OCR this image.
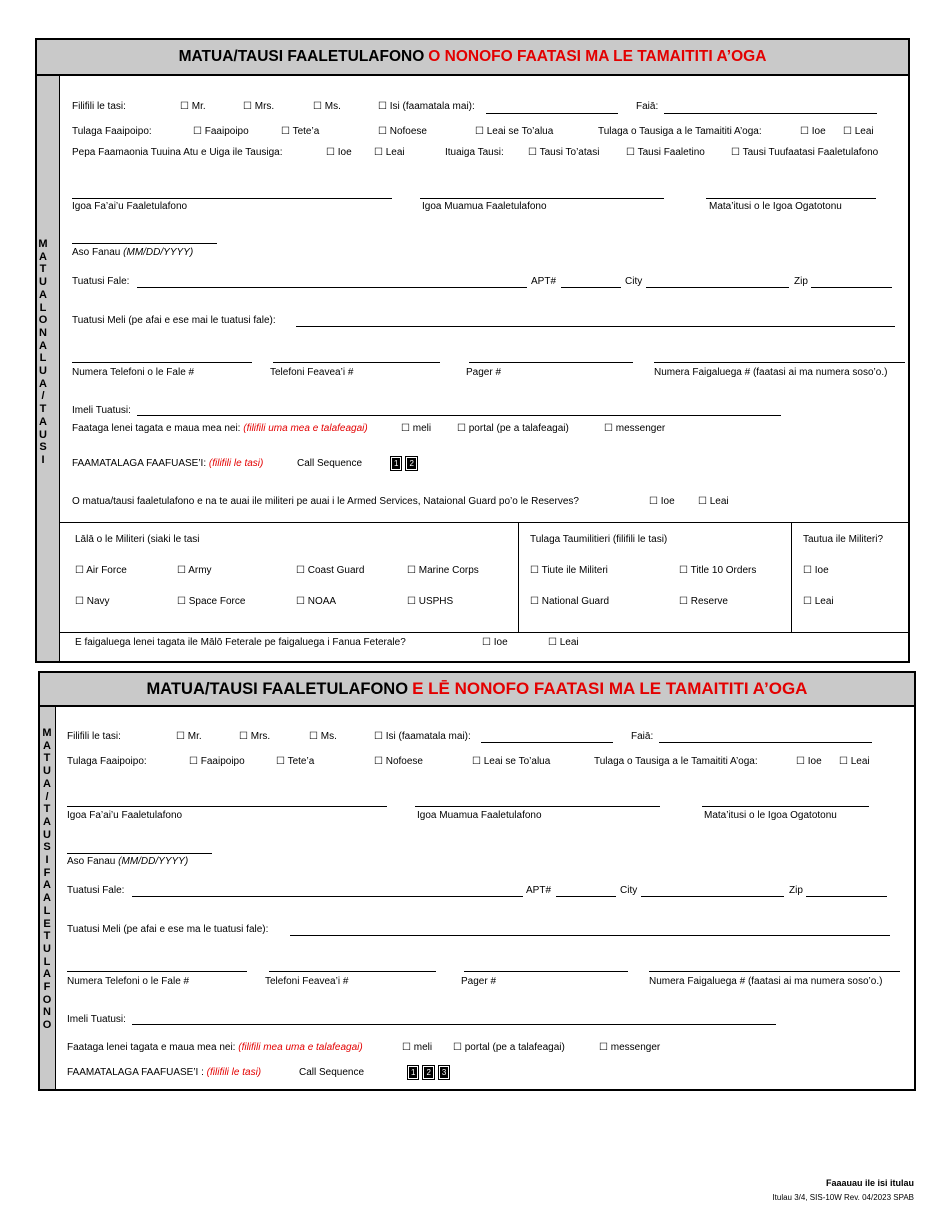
MATUA/TAUSI FAALETULAFONO O NONOFO FAATASI MA LE TAMAITITI A’OGA
M
A
T
U
A
L
O
N
A
L
U
A
/
T
A
U
S
I
Filifili le tasi:	☐ Mr.	☐ Mrs.	☐ Ms.	☐ Isi (faamatala mai):	Faiā:
Tulaga Faaipoipo:	☐ Faaipoipo	☐ Tete’a	☐ Nofoese	☐ Leai se To’alua	Tulaga o Tausiga a le Tamaititi A’oga:	☐ Ioe ☐ Leai
Pepa Faamaonia Tuuina Atu e Uiga ile Tausiga:	☐ Ioe ☐ Leai	Ituaiga Tausi: ☐ Tausi To’atasi	☐ Tausi Faaletino	☐ Tausi Tuufaatasi Faaletulafono
Igoa Fa’ai’u Faaletulafono	Igoa Muamua Faaletulafono	Mata’itusi o le Igoa Ogatotonu
Aso Fanau (MM/DD/YYYY)
Tuatusi Fale:	APT#	City	Zip
Tuatusi Meli (pe afai e ese mai le tuatusi fale):
Numera Telefoni o le Fale #	Telefoni Feavea’i #	Pager #	Numera Faigaluega # (faatasi ai ma numera soso’o.)
Imeli Tuatusi:
Faataga lenei tagata e maua mea nei: (filifili uma mea e talafeagai)	☐ meli	☐ portal (pe a talafeagai)	☐ messenger
FAAMATALAGA FAAFUASE’I: (filifili le tasi)	Call Sequence	1 2
O matua/tausi faaletulafono e na te auai ile militeri pe auai i le Armed Services, Nataional Guard po’o le Reserves?	☐ Ioe ☐ Leai
Lālā o le Militeri (siaki le tasi
☐ Air Force	☐ Army	☐ Coast Guard	☐ Marine Corps
☐ Navy	☐ Space Force	☐ NOAA	☐ USPHS
Tulaga Taumilitieri (filifili le tasi)
☐ Tiute ile Militeri	☐ Title 10 Orders
☐ National Guard	☐ Reserve
Tautua ile Militeri?
☐ Ioe
☐ Leai
E faigaluega lenei tagata ile Mālō Feterale pe faigaluega i Fanua Feterale?	☐ Ioe	☐ Leai
MATUA/TAUSI FAALETULAFONO E LĒ NONOFO FAATASI MA LE TAMAITITI A’OGA
M
A
T
U
A
/
T
A
U
S
I
F
A
A
L
E
T
U
L
A
F
O
N
O
Filifili le tasi:	☐ Mr.	☐ Mrs.	☐ Ms.	☐ Isi (faamatala mai):	Faiā:
Tulaga Faaipoipo:	☐ Faaipoipo	☐ Tete’a	☐ Nofoese	☐ Leai se To’alua	Tulaga o Tausiga a le Tamaititi A’oga:	☐ Ioe ☐ Leai
Igoa Fa’ai’u Faaletulafono	Igoa Muamua Faaletulafono	Mata’itusi o le Igoa Ogatotonu
Aso Fanau (MM/DD/YYYY)
Tuatusi Fale:	APT#	City	Zip
Tuatusi Meli (pe afai e ese ma le tuatusi fale):
Numera Telefoni o le Fale #	Telefoni Feavea’i #	Pager #	Numera Faigaluega # (faatasi ai ma numera soso’o.)
Imeli Tuatusi:
Faataga lenei tagata e maua mea nei: (filifili mea uma e talafeagai)	☐ meli ☐ portal (pe a talafeagai)	☐ messenger
FAAMATALAGA FAAFUASE’I : (filifili le tasi)	Call Sequence	1 2 3
Faaauau ile isi itulau
Itulau 3/4, SIS-10W Rev. 04/2023 SPAB
